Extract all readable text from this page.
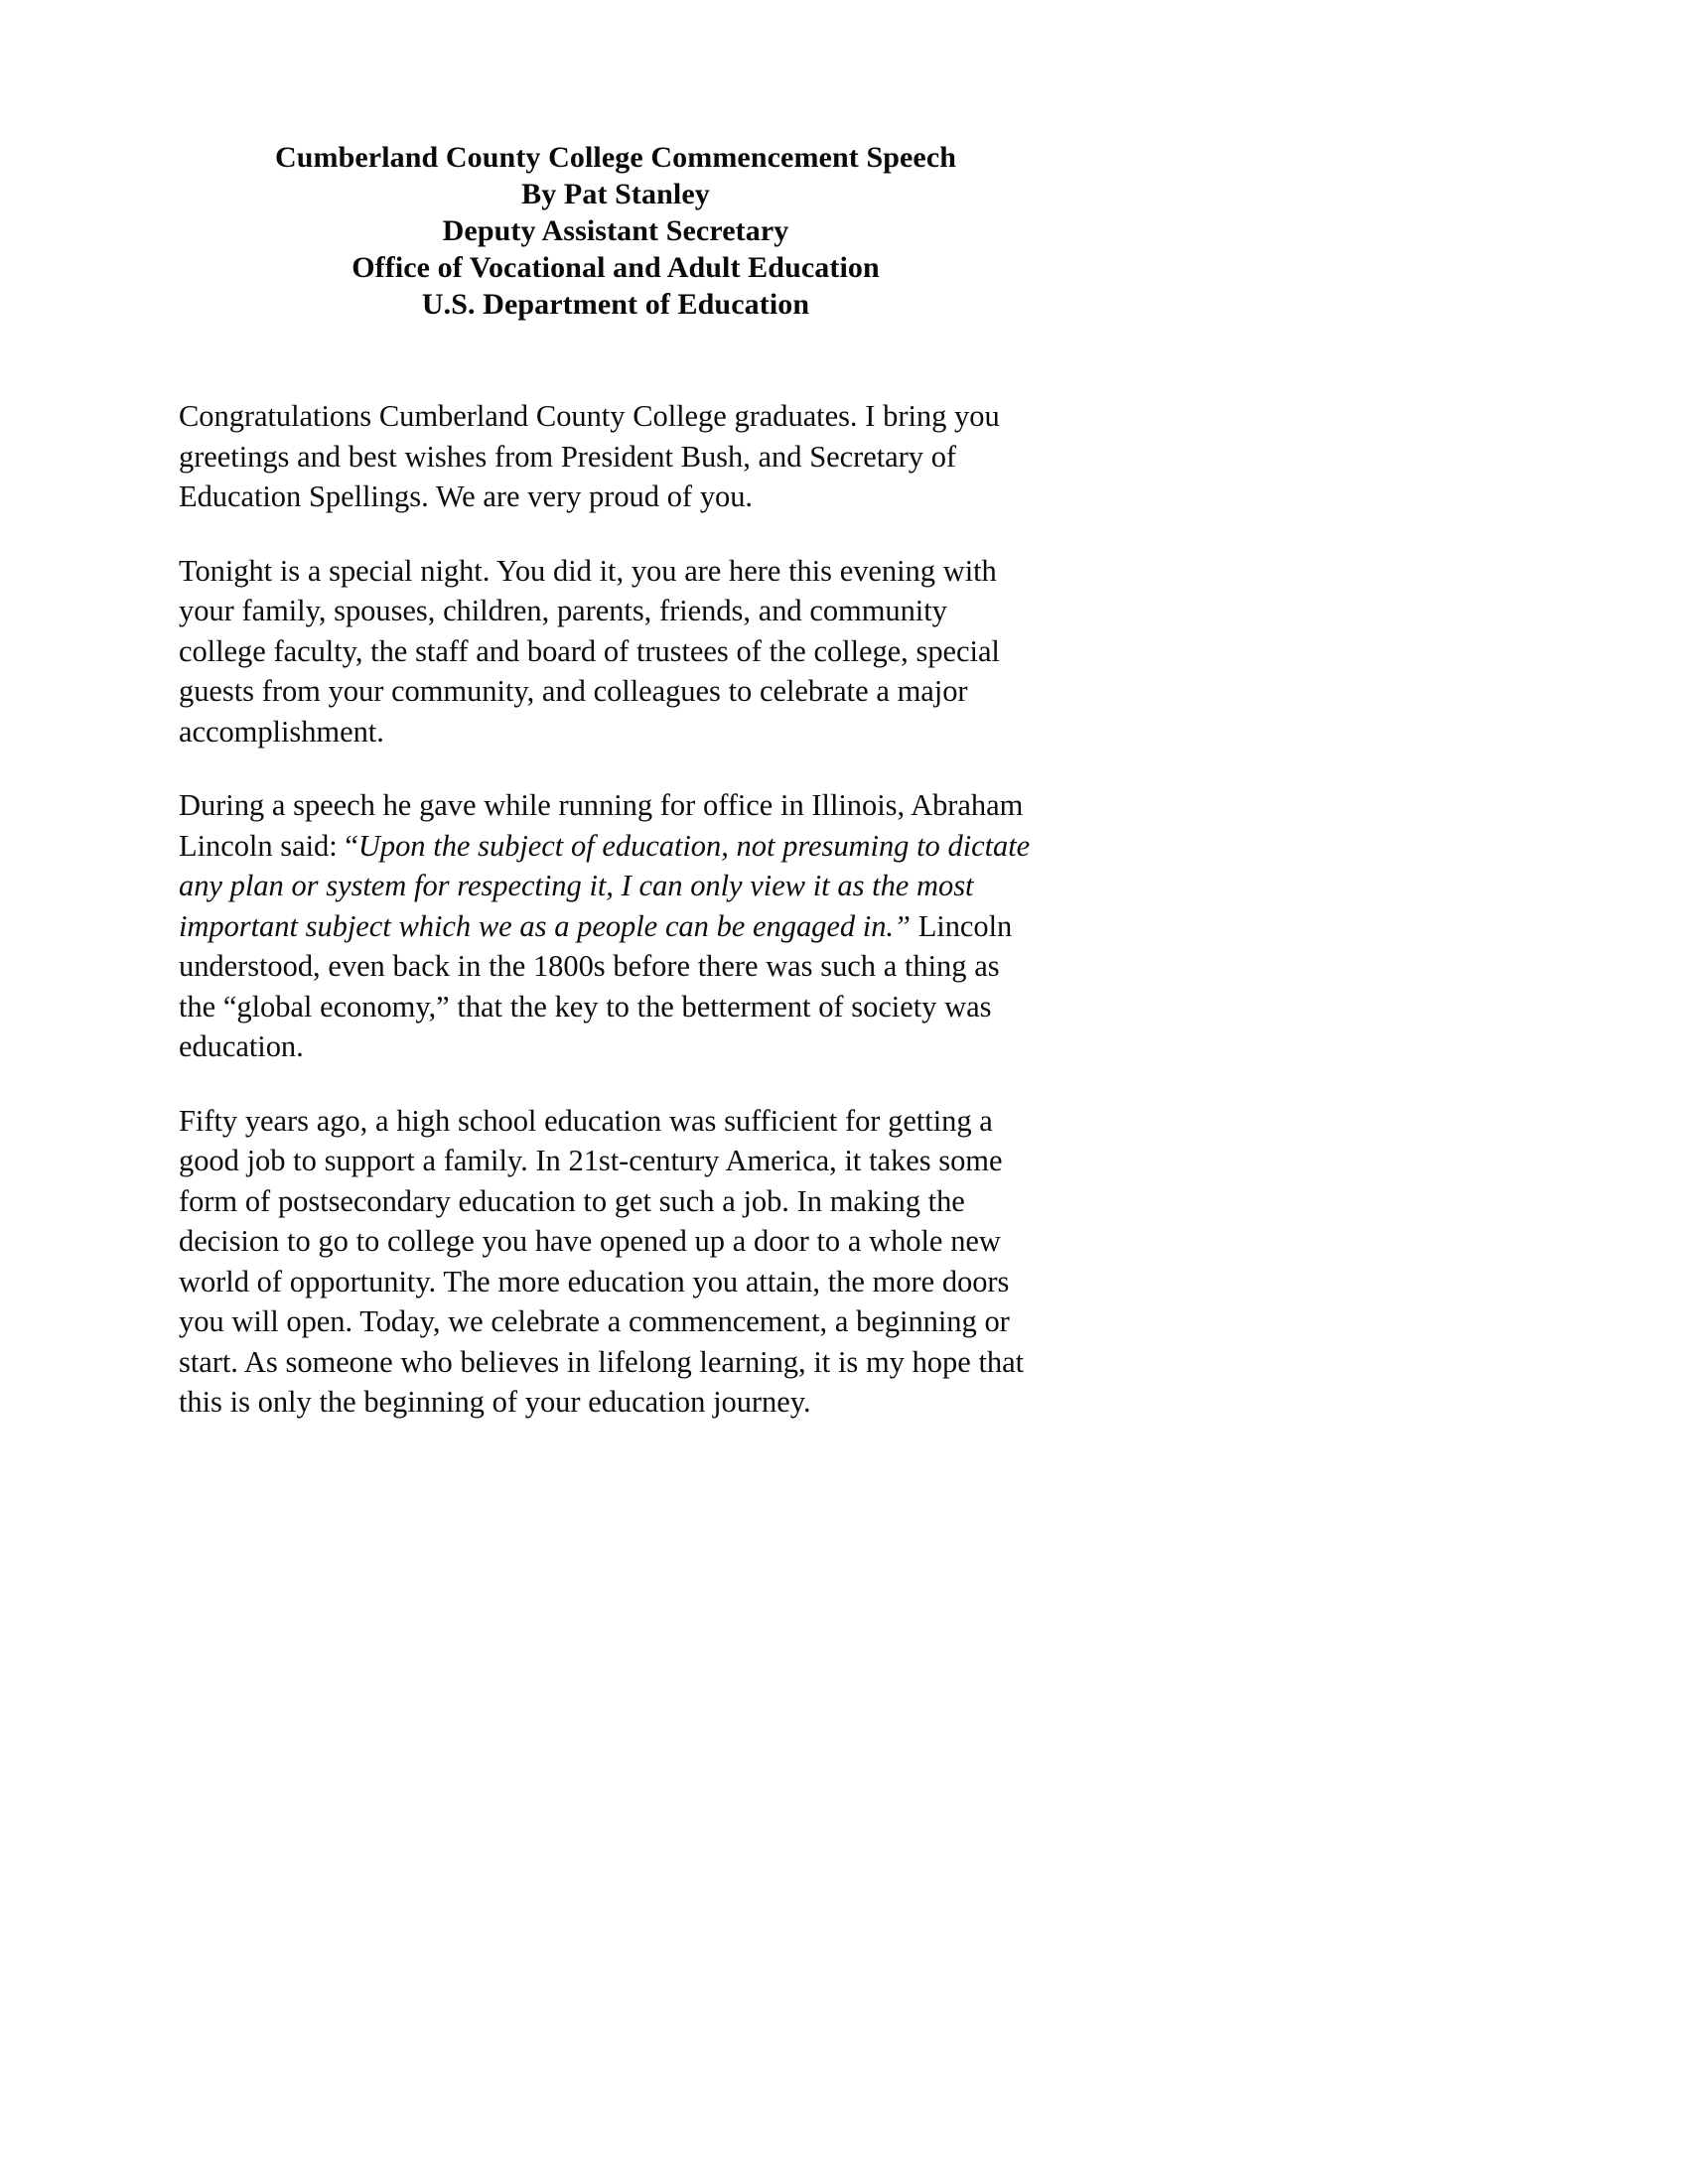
Cumberland County College Commencement Speech
By Pat Stanley
Deputy Assistant Secretary
Office of Vocational and Adult Education
U.S. Department of Education

Congratulations Cumberland County College graduates. I bring you greetings and best wishes from President Bush, and Secretary of Education Spellings. We are very proud of you.

Tonight is a special night. You did it, you are here this evening with your family, spouses, children, parents, friends, and community college faculty, the staff and board of trustees of the college, special guests from your community, and colleagues to celebrate a major accomplishment.

During a speech he gave while running for office in Illinois, Abraham Lincoln said: “Upon the subject of education, not presuming to dictate any plan or system for respecting it, I can only view it as the most important subject which we as a people can be engaged in.” Lincoln understood, even back in the 1800s before there was such a thing as the “global economy,” that the key to the betterment of society was education.

Fifty years ago, a high school education was sufficient for getting a good job to support a family. In 21st-century America, it takes some form of postsecondary education to get such a job. In making the decision to go to college you have opened up a door to a whole new world of opportunity. The more education you attain, the more doors you will open. Today, we celebrate a commencement, a beginning or start. As someone who believes in lifelong learning, it is my hope that this is only the beginning of your education journey.
